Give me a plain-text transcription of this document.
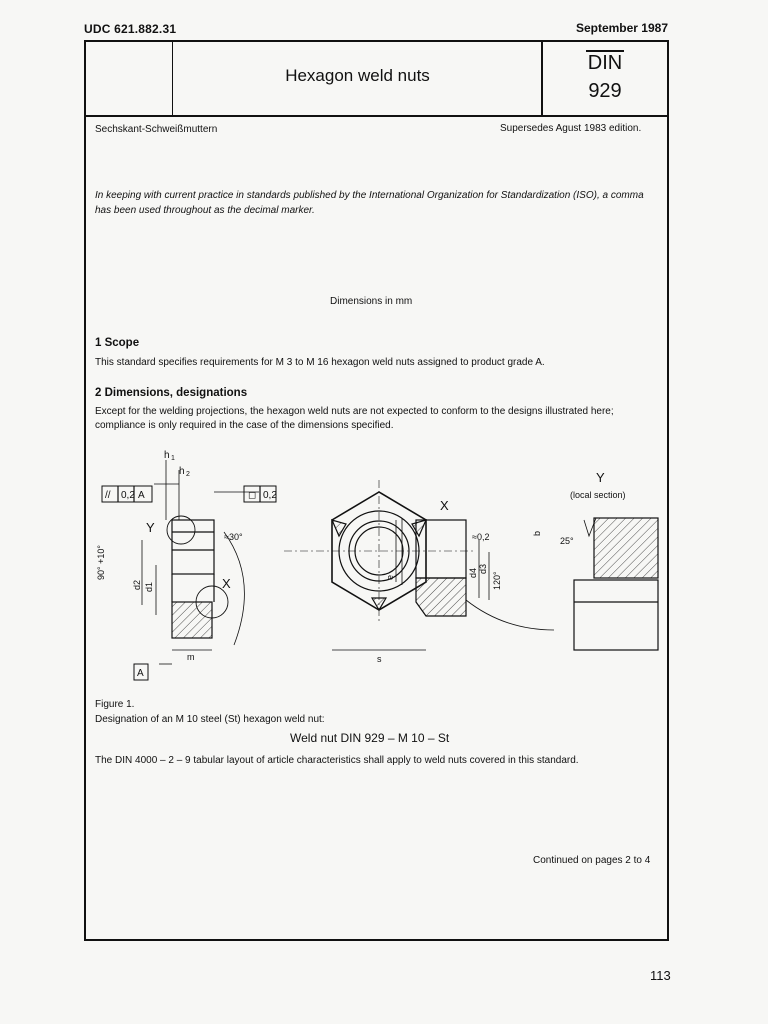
UDC 621.882.31	September 1987
Hexagon weld nuts
DIN
929
Sechskant-Schweißmuttern	Supersedes Agust 1983 edition.
In keeping with current practice in standards published by the International Organization for Standardization (ISO), a comma has been used throughout as the decimal marker.
Dimensions in mm
1 Scope
This standard specifies requirements for M 3 to M 16 hexagon weld nuts assigned to product grade A.
2 Dimensions, designations
Except for the welding projections, the hexagon weld nuts are not expected to conform to the designs illustrated here; compliance is only required in the case of the dimensions specified.
h 1
h 2
// 0,2 A	◻ 0,2
Y
X
≈30°
90° +10°
d2 d1
m
A
e
s
X
≈0,2
d4 d3
120°
b
25°
Y
(local section)
Figure 1.
Designation of an M 10 steel (St) hexagon weld nut:
Weld nut DIN 929 – M 10 – St
The DIN 4000 – 2 – 9 tabular layout of article characteristics shall apply to weld nuts covered in this standard.
Continued on pages 2 to 4
113
